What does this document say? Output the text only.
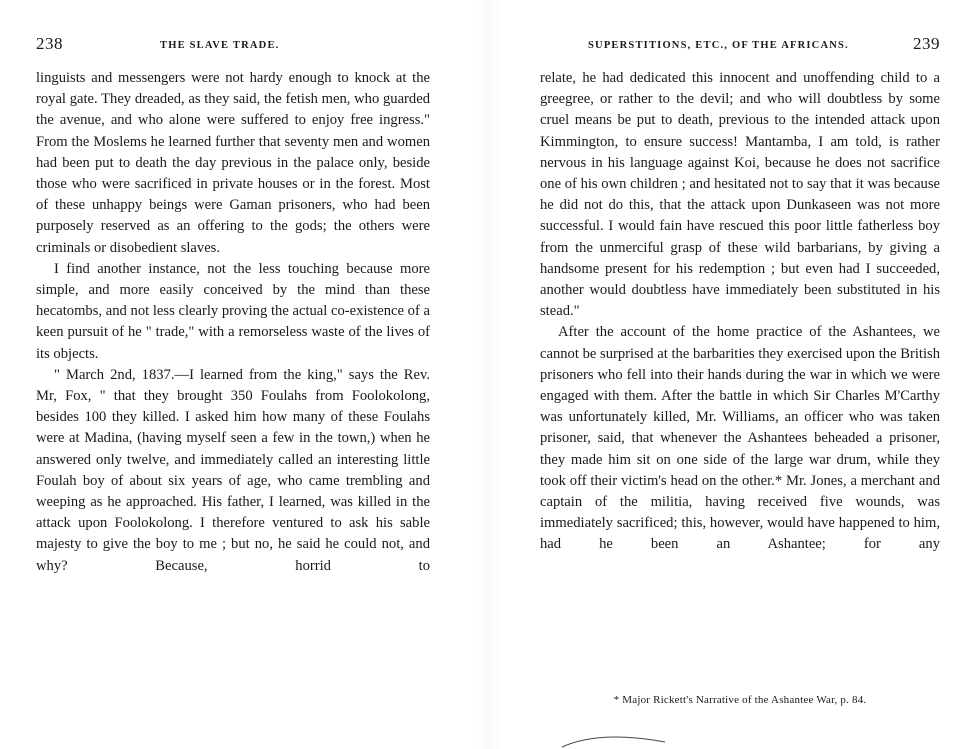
238	THE SLAVE TRADE.

linguists and messengers were not hardy enough to knock at the royal gate. They dreaded, as they said, the fetish men, who guarded the avenue, and who alone were suffered to enjoy free ingress." From the Moslems he learned further that seventy men and women had been put to death the day previous in the palace only, beside those who were sacrificed in private houses or in the forest. Most of these unhappy beings were Gaman prisoners, who had been purposely reserved as an offering to the gods; the others were criminals or disobedient slaves.

I find another instance, not the less touching because more simple, and more easily conceived by the mind than these hecatombs, and not less clearly proving the actual co-existence of a keen pursuit of he " trade," with a remorseless waste of the lives of its objects.

" March 2nd, 1837.—I learned from the king," says the Rev. Mr, Fox, " that they brought 350 Foulahs from Foolokolong, besides 100 they killed. I asked him how many of these Foulahs were at Madina, (having myself seen a few in the town,) when he answered only twelve, and immediately called an interesting little Foulah boy of about six years of age, who came trembling and weeping as he approached. His father, I learned, was killed in the attack upon Foolokolong. I therefore ventured to ask his sable majesty to give the boy to me ; but no, he said he could not, and why? Because, horrid to

SUPERSTITIONS, ETC., OF THE AFRICANS.	239

relate, he had dedicated this innocent and unoffending child to a greegree, or rather to the devil; and who will doubtless by some cruel means be put to death, previous to the intended attack upon Kimmington, to ensure success! Mantamba, I am told, is rather nervous in his language against Koi, because he does not sacrifice one of his own children ; and hesitated not to say that it was because he did not do this, that the attack upon Dunkaseen was not more successful. I would fain have rescued this poor little fatherless boy from the unmerciful grasp of these wild barbarians, by giving a handsome present for his redemption ; but even had I succeeded, another would doubtless have immediately been substituted in his stead."

After the account of the home practice of the Ashantees, we cannot be surprised at the barbarities they exercised upon the British prisoners who fell into their hands during the war in which we were engaged with them. After the battle in which Sir Charles M'Carthy was unfortunately killed, Mr. Williams, an officer who was taken prisoner, said, that whenever the Ashantees beheaded a prisoner, they made him sit on one side of the large war drum, while they took off their victim's head on the other.* Mr. Jones, a merchant and captain of the militia, having received five wounds, was immediately sacrificed; this, however, would have happened to him, had he been an Ashantee; for any

* Major Rickett's Narrative of the Ashantee War, p. 84.
